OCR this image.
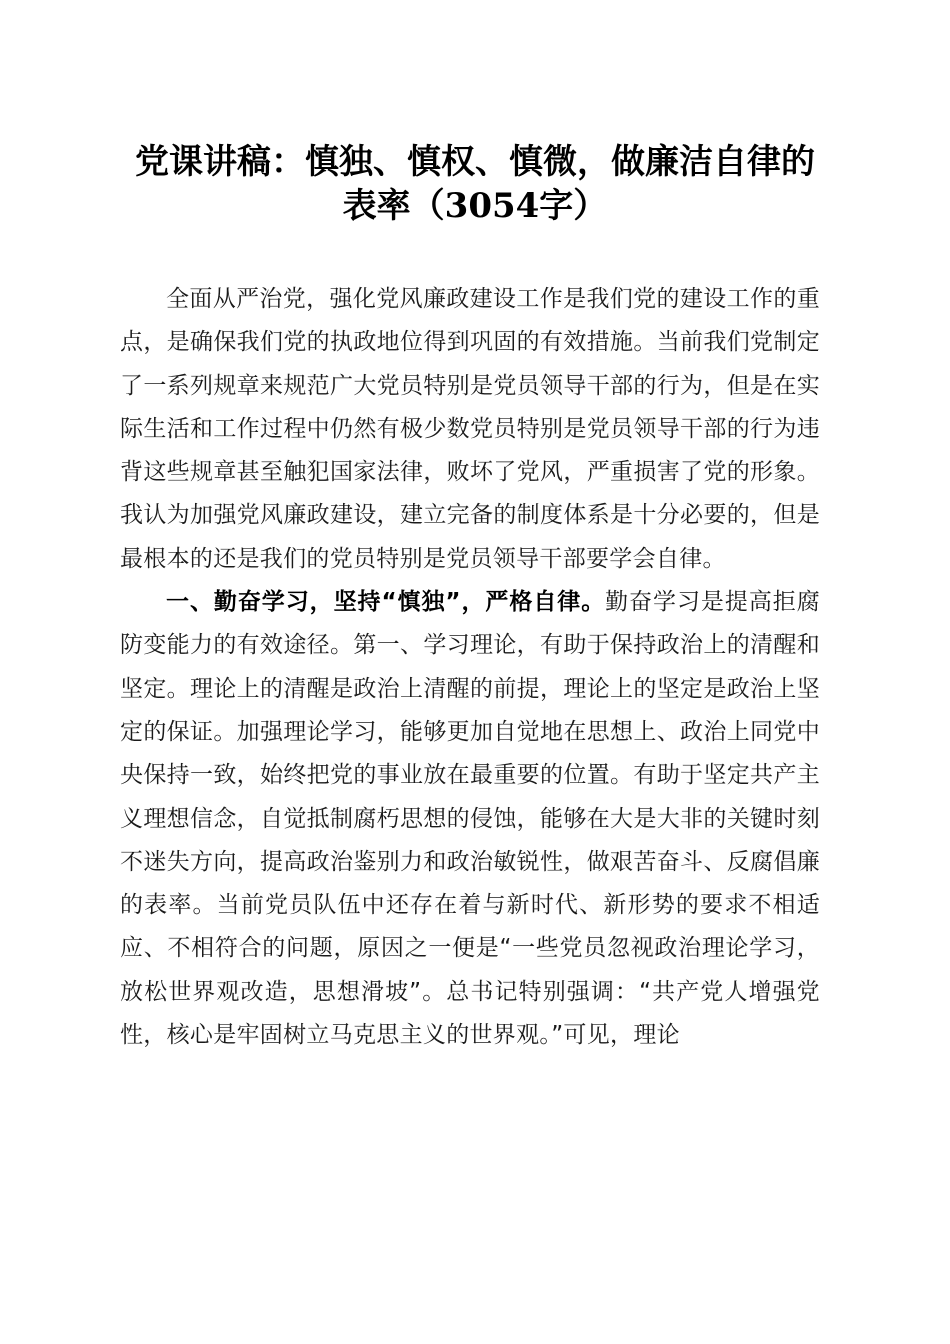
党课讲稿：慎独、慎权、慎微，做廉洁自律的
表率（3054字）

全面从严治党，强化党风廉政建设工作是我们党的建设工作的重点，是确保我们党的执政地位得到巩固的有效措施。当前我们党制定了一系列规章来规范广大党员特别是党员领导干部的行为，但是在实际生活和工作过程中仍然有极少数党员特别是党员领导干部的行为违背这些规章甚至触犯国家法律，败坏了党风，严重损害了党的形象。我认为加强党风廉政建设，建立完备的制度体系是十分必要的，但是最根本的还是我们的党员特别是党员领导干部要学会自律。

一、勤奋学习，坚持“慎独”，严格自律。勤奋学习是提高拒腐防变能力的有效途径。第一、学习理论，有助于保持政治上的清醒和坚定。理论上的清醒是政治上清醒的前提，理论上的坚定是政治上坚定的保证。加强理论学习，能够更加自觉地在思想上、政治上同党中央保持一致，始终把党的事业放在最重要的位置。有助于坚定共产主义理想信念，自觉抵制腐朽思想的侵蚀，能够在大是大非的关键时刻不迷失方向，提高政治鉴别力和政治敏锐性，做艰苦奋斗、反腐倡廉的表率。当前党员队伍中还存在着与新时代、新形势的要求不相适应、不相符合的问题，原因之一便是“一些党员忽视政治理论学习，放松世界观改造，思想滑坡”。总书记特别强调：“共产党人增强党性，核心是牢固树立马克思主义的世界观。”可见，理论
